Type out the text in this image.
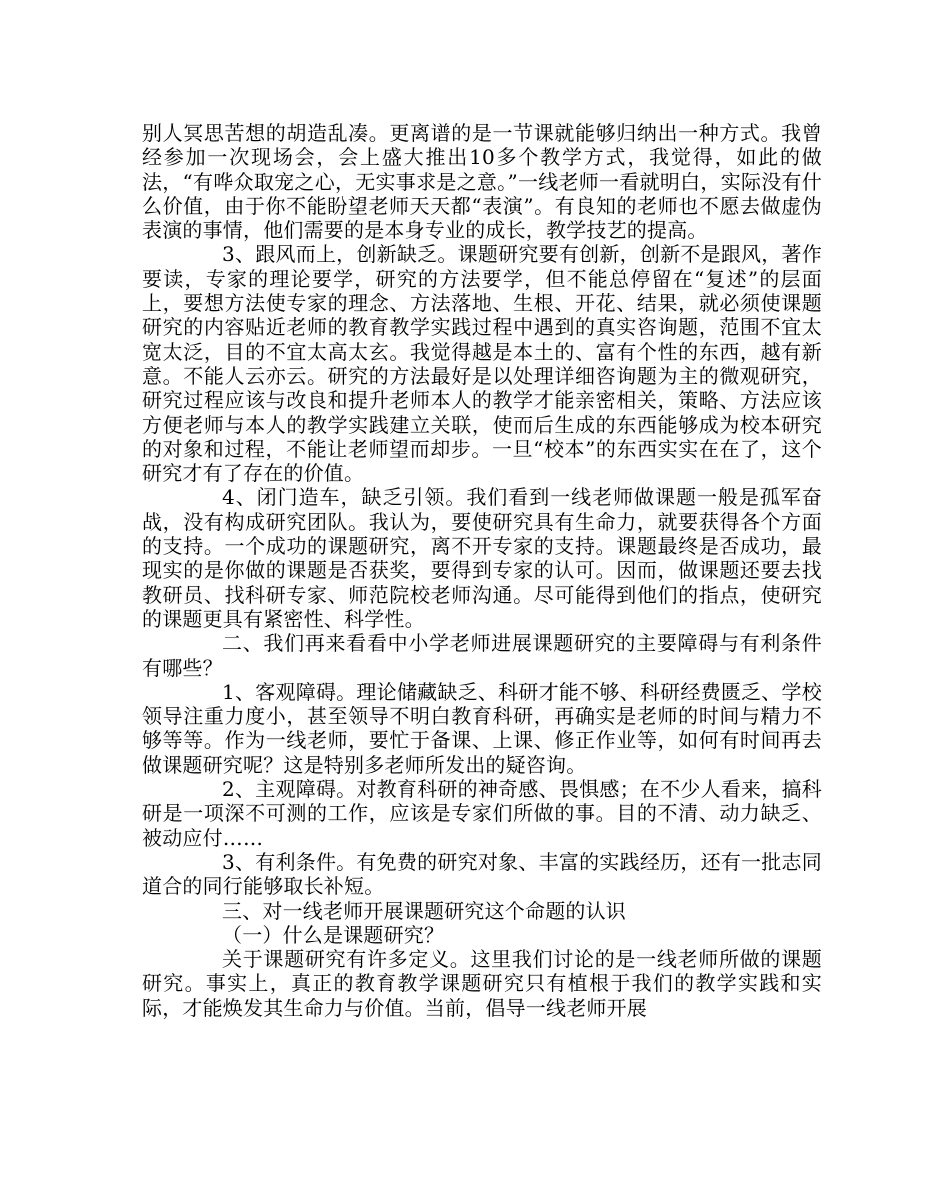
别人冥思苦想的胡造乱凑。更离谱的是一节课就能够归纳出一种方式。我曾经参加一次现场会，会上盛大推出10多个教学方式，我觉得，如此的做法，“有哗众取宠之心，无实事求是之意。”一线老师一看就明白，实际没有什么价值，由于你不能盼望老师天天都“表演”。有良知的老师也不愿去做虚伪表演的事情，他们需要的是本身专业的成长，教学技艺的提高。

3、跟风而上，创新缺乏。课题研究要有创新，创新不是跟风，著作要读，专家的理论要学，研究的方法要学，但不能总停留在“复述”的层面上，要想方法使专家的理念、方法落地、生根、开花、结果，就必须使课题研究的内容贴近老师的教育教学实践过程中遇到的真实咨询题，范围不宜太宽太泛，目的不宜太高太玄。我觉得越是本土的、富有个性的东西，越有新意。不能人云亦云。研究的方法最好是以处理详细咨询题为主的微观研究，研究过程应该与改良和提升老师本人的教学才能亲密相关，策略、方法应该方便老师与本人的教学实践建立关联，使而后生成的东西能够成为校本研究的对象和过程，不能让老师望而却步。一旦“校本”的东西实实在在了，这个研究才有了存在的价值。

4、闭门造车，缺乏引领。我们看到一线老师做课题一般是孤军奋战，没有构成研究团队。我认为，要使研究具有生命力，就要获得各个方面的支持。一个成功的课题研究，离不开专家的支持。课题最终是否成功，最现实的是你做的课题是否获奖，要得到专家的认可。因而，做课题还要去找教研员、找科研专家、师范院校老师沟通。尽可能得到他们的指点，使研究的课题更具有紧密性、科学性。

二、我们再来看看中小学老师进展课题研究的主要障碍与有利条件有哪些？

1、客观障碍。理论储藏缺乏、科研才能不够、科研经费匮乏、学校领导注重力度小，甚至领导不明白教育科研，再确实是老师的时间与精力不够等等。作为一线老师，要忙于备课、上课、修正作业等，如何有时间再去做课题研究呢？这是特别多老师所发出的疑咨询。

2、主观障碍。对教育科研的神奇感、畏惧感；在不少人看来，搞科研是一项深不可测的工作，应该是专家们所做的事。目的不清、动力缺乏、被动应付……

3、有利条件。有免费的研究对象、丰富的实践经历，还有一批志同道合的同行能够取长补短。

三、对一线老师开展课题研究这个命题的认识

（一）什么是课题研究？

关于课题研究有许多定义。这里我们讨论的是一线老师所做的课题研究。事实上，真正的教育教学课题研究只有植根于我们的教学实践和实际，才能焕发其生命力与价值。当前，倡导一线老师开展
